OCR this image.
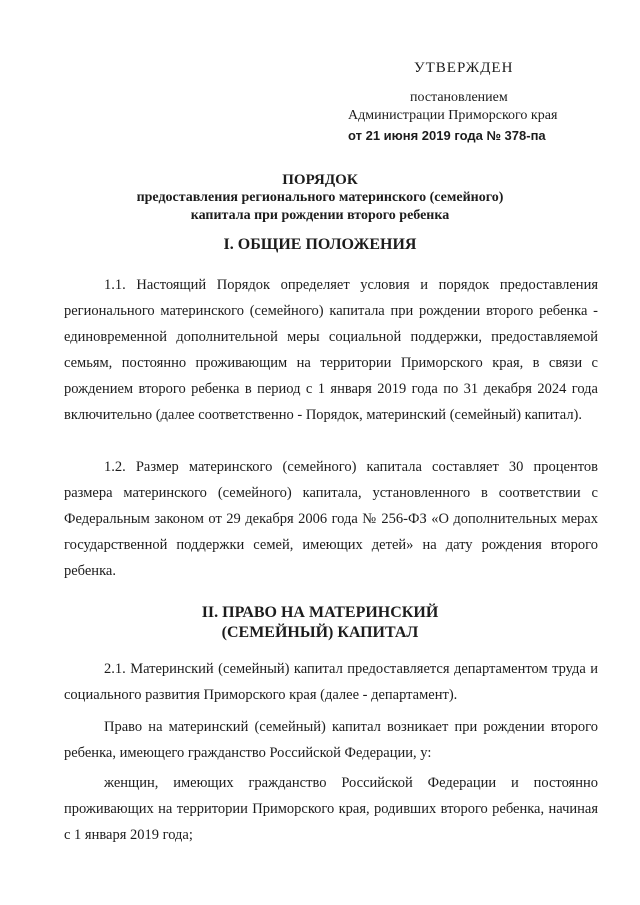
УТВЕРЖДЕН
постановлением
Администрации Приморского края
от 21 июня 2019 года № 378-па
ПОРЯДОК
предоставления регионального материнского (семейного)
капитала при рождении второго ребенка
I. ОБЩИЕ ПОЛОЖЕНИЯ

1.1. Настоящий Порядок определяет условия и порядок предоставления регионального материнского (семейного) капитала при рождении второго ребенка - единовременной дополнительной меры социальной поддержки, предоставляемой семьям, постоянно проживающим на территории Приморского края, в связи с рождением второго ребенка в период с 1 января 2019 года по 31 декабря 2024 года включительно (далее соответственно - Порядок, материнский (семейный) капитал).

1.2. Размер материнского (семейного) капитала составляет 30 процентов размера материнского (семейного) капитала, установленного в соответствии с Федеральным законом от 29 декабря 2006 года № 256-ФЗ «О дополнительных мерах государственной поддержки семей, имеющих детей» на дату рождения второго ребенка.

II. ПРАВО НА МАТЕРИНСКИЙ
(СЕМЕЙНЫЙ) КАПИТАЛ

2.1. Материнский (семейный) капитал предоставляется департаментом труда и социального развития Приморского края (далее - департамент).

Право на материнский (семейный) капитал возникает при рождении второго ребенка, имеющего гражданство Российской Федерации, у:

женщин, имеющих гражданство Российской Федерации и постоянно проживающих на территории Приморского края, родивших второго ребенка, начиная с 1 января 2019 года;
